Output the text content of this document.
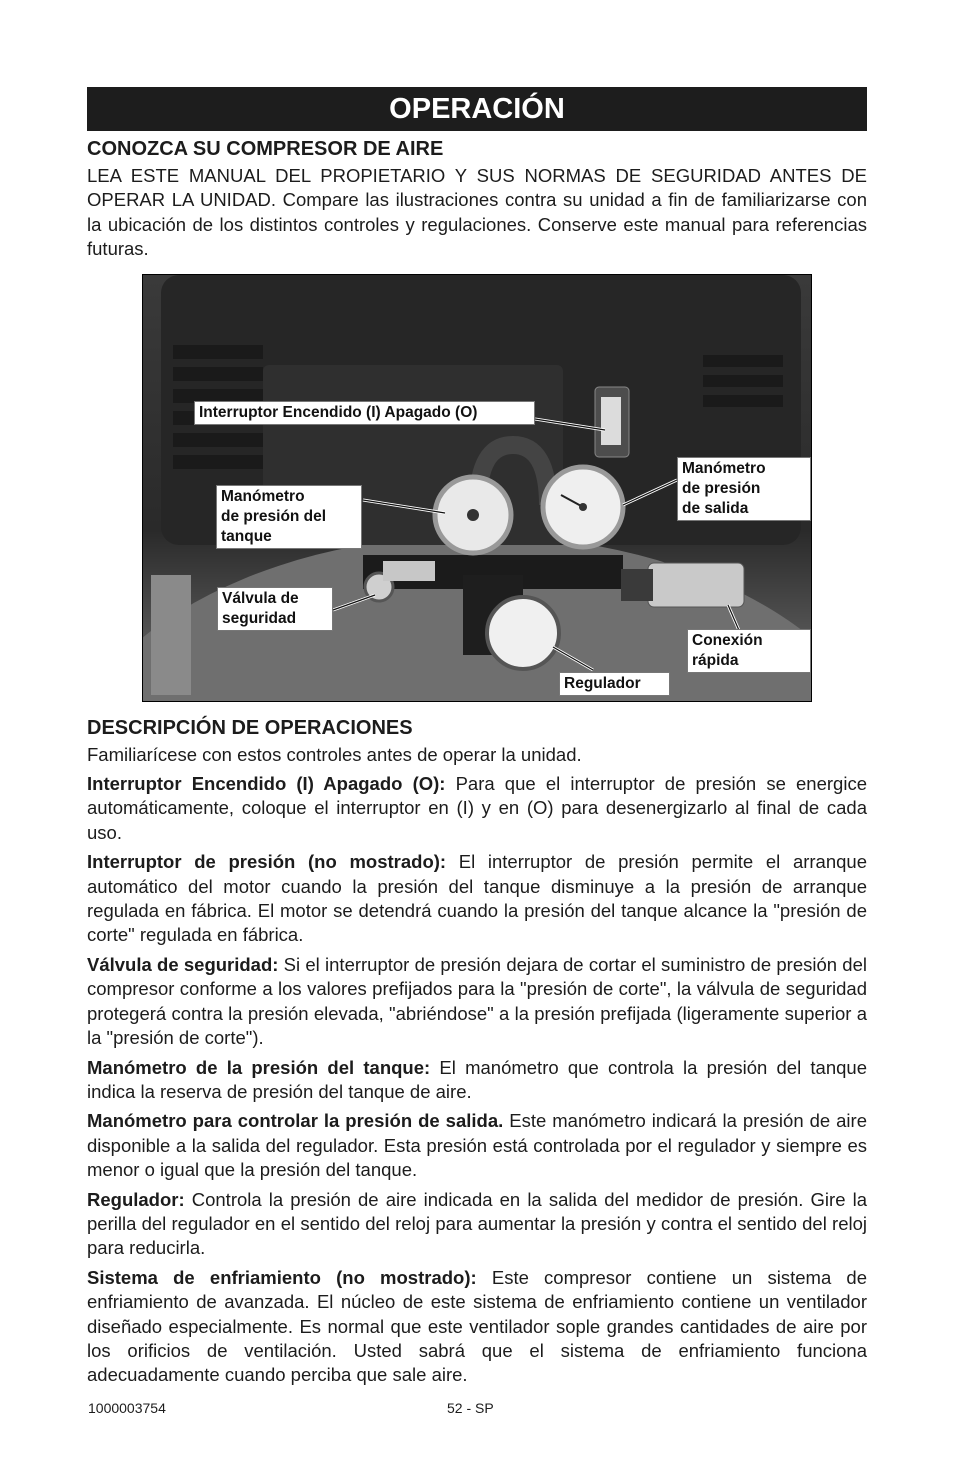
OPERACIÓN
CONOZCA SU COMPRESOR DE AIRE

LEA ESTE MANUAL DEL PROPIETARIO Y SUS NORMAS DE SEGURIDAD ANTES DE OPERAR LA UNIDAD. Compare las ilustraciones contra su unidad a fin de familiarizarse con la ubicación de los distintos controles y regulaciones. Conserve este manual para referencias futuras.

Interruptor Encendido (I) Apagado (O)
Manómetro
de presión del
tanque
Manómetro
de presión
de salida
Válvula de
seguridad
Conexión
rápida
Regulador
DESCRIPCIÓN DE OPERACIONES

Familiarícese con estos controles antes de operar la unidad.

Interruptor Encendido (I) Apagado (O): Para que el interruptor de presión se energice automáticamente, coloque el interruptor en (I) y en (O) para desenergizarlo al final de cada uso.

Interruptor de presión (no mostrado): El interruptor de presión permite el arranque automático del motor cuando la presión del tanque disminuye a la presión de arranque regulada en fábrica. El motor se detendrá cuando la presión del tanque alcance la "presión de corte" regulada en fábrica.

Válvula de seguridad: Si el interruptor de presión dejara de cortar el suministro de presión del compresor conforme a los valores prefijados para la "presión de corte", la válvula de seguridad protegerá contra la presión elevada, "abriéndose" a la presión prefijada (ligeramente superior a la "presión de corte").

Manómetro de la presión del tanque: El manómetro que controla la presión del tanque indica la reserva de presión del tanque de aire.

Manómetro para controlar la presión de salida. Este manómetro indicará la presión de aire disponible a la salida del regulador. Esta presión está controlada por el regulador y siempre es menor o igual que la presión del tanque.

Regulador: Controla la presión de aire indicada en la salida del medidor de presión. Gire la perilla del regulador en el sentido del reloj para aumentar la presión y contra el sentido del reloj para reducirla.

Sistema de enfriamiento (no mostrado): Este compresor contiene un sistema de enfriamiento de avanzada. El núcleo de este sistema de enfriamiento contiene un ventilador diseñado especialmente. Es normal que este ventilador sople grandes cantidades de aire por los orificios de ventilación. Usted sabrá que el sistema de enfriamiento funciona adecuadamente cuando perciba que sale aire.

1000003754	52 - SP
